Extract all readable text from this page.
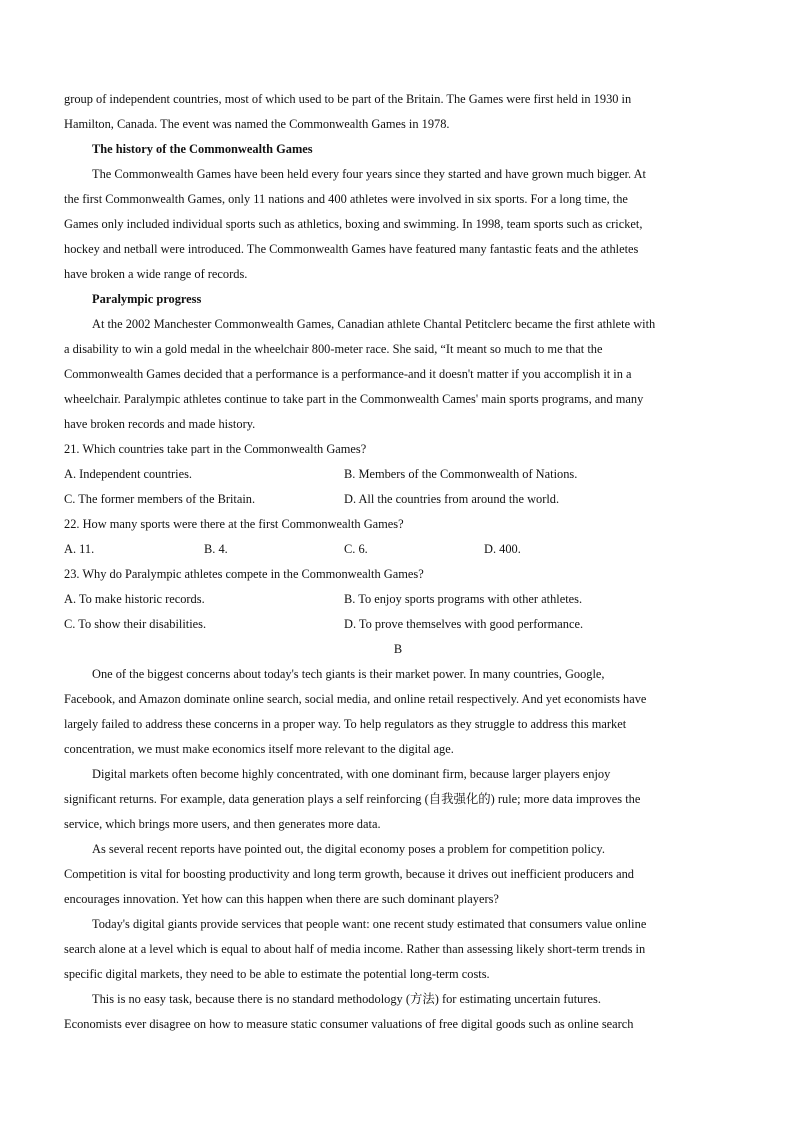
group of independent countries, most of which used to be part of the Britain. The Games were first held in 1930 in
Hamilton, Canada. The event was named the Commonwealth Games in 1978.
The history of the Commonwealth Games
The Commonwealth Games have been held every four years since they started and have grown much bigger. At
the first Commonwealth Games, only 11 nations and 400 athletes were involved in six sports. For a long time, the
Games only included individual sports such as athletics, boxing and swimming. In 1998, team sports such as cricket,
hockey and netball were introduced. The Commonwealth Games have featured many fantastic feats and the athletes
have broken a wide range of records.
Paralympic progress
At the 2002 Manchester Commonwealth Games, Canadian athlete Chantal Petitclerc became the first athlete with
a disability to win a gold medal in the wheelchair 800-meter race. She said, “It meant so much to me that the
Commonwealth Games decided that a performance is a performance-and it doesn't matter if you accomplish it in a
wheelchair. Paralympic athletes continue to take part in the Commonwealth Cames' main sports programs, and many
have broken records and made history.
21. Which countries take part in the Commonwealth Games?
A. Independent countries.	B. Members of the Commonwealth of Nations.
C. The former members of the Britain.	D. All the countries from around the world.
22. How many sports were there at the first Commonwealth Games?
A. 11.	B. 4.	C. 6.	D. 400.
23. Why do Paralympic athletes compete in the Commonwealth Games?
A. To make historic records.	B. To enjoy sports programs with other athletes.
C. To show their disabilities.	D. To prove themselves with good performance.
B
One of the biggest concerns about today's tech giants is their market power. In many countries, Google,
Facebook, and Amazon dominate online search, social media, and online retail respectively. And yet economists have
largely failed to address these concerns in a proper way. To help regulators as they struggle to address this market
concentration, we must make economics itself more relevant to the digital age.
Digital markets often become highly concentrated, with one dominant firm, because larger players enjoy
significant returns. For example, data generation plays a self reinforcing (自我强化的) rule; more data improves the
service, which brings more users, and then generates more data.
As several recent reports have pointed out, the digital economy poses a problem for competition policy.
Competition is vital for boosting productivity and long term growth, because it drives out inefficient producers and
encourages innovation. Yet how can this happen when there are such dominant players?
Today's digital giants provide services that people want: one recent study estimated that consumers value online
search alone at a level which is equal to about half of media income. Rather than assessing likely short-term trends in
specific digital markets, they need to be able to estimate the potential long-term costs.
This is no easy task, because there is no standard methodology (方法) for estimating uncertain futures.
Economists ever disagree on how to measure static consumer valuations of free digital goods such as online search
